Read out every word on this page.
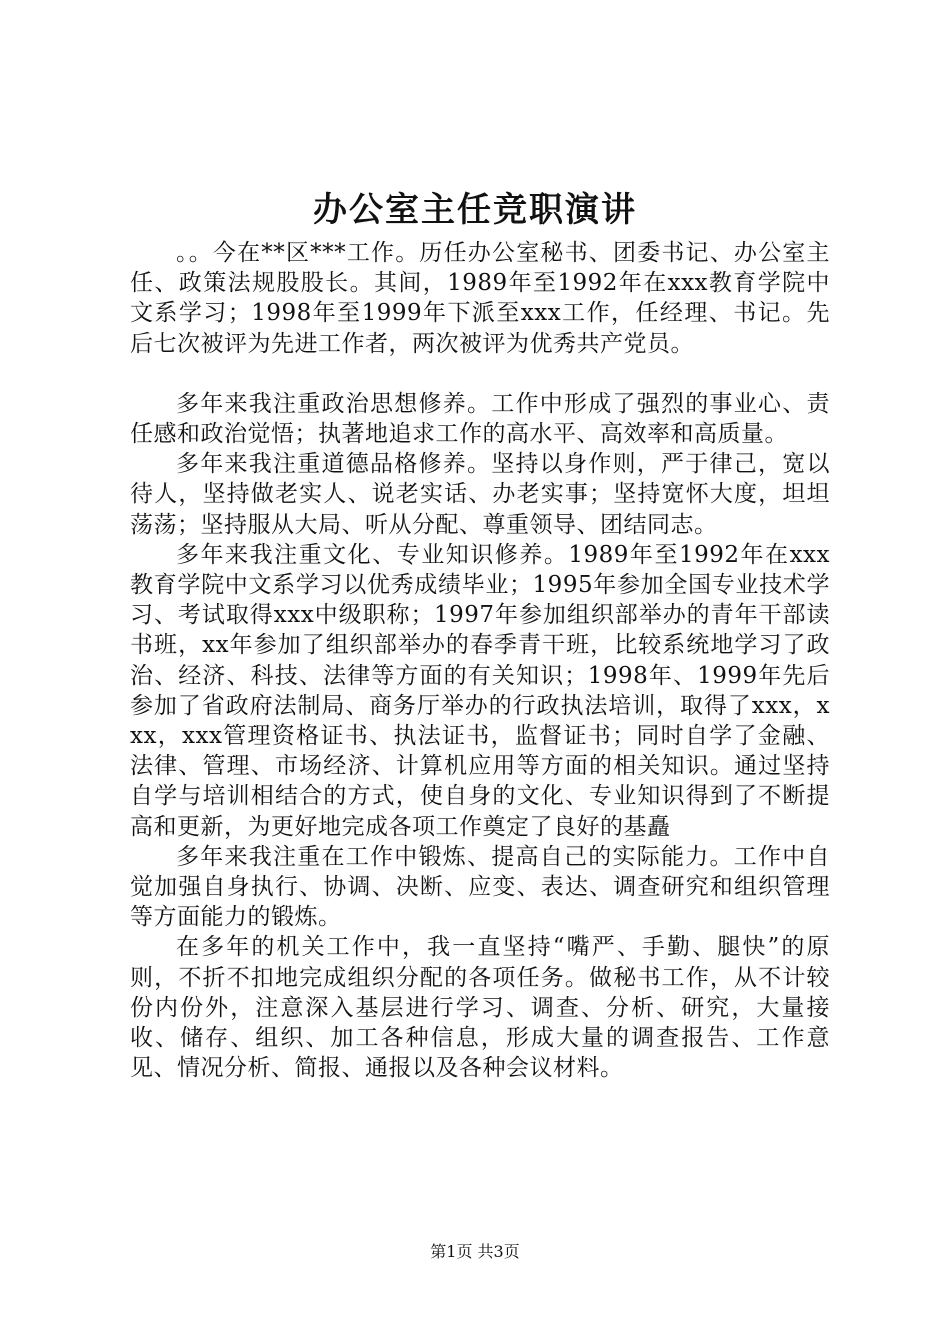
办公室主任竞职演讲

。。今在**区***工作。历任办公室秘书、团委书记、办公室主任、政策法规股股长。其间，1989年至1992年在xxx教育学院中文系学习；1998年至1999年下派至xxx工作，任经理、书记。先后七次被评为先进工作者，两次被评为优秀共产党员。

多年来我注重政治思想修养。工作中形成了强烈的事业心、责任感和政治觉悟；执著地追求工作的高水平、高效率和高质量。

多年来我注重道德品格修养。坚持以身作则，严于律己，宽以待人，坚持做老实人、说老实话、办老实事；坚持宽怀大度，坦坦荡荡；坚持服从大局、听从分配、尊重领导、团结同志。

多年来我注重文化、专业知识修养。1989年至1992年在xxx教育学院中文系学习以优秀成绩毕业；1995年参加全国专业技术学习、考试取得xxx中级职称；1997年参加组织部举办的青年干部读书班，xx年参加了组织部举办的春季青干班，比较系统地学习了政治、经济、科技、法律等方面的有关知识；1998年、1999年先后参加了省政府法制局、商务厅举办的行政执法培训，取得了xxx，xxx，xxx管理资格证书、执法证书，监督证书；同时自学了金融、法律、管理、市场经济、计算机应用等方面的相关知识。通过坚持自学与培训相结合的方式，使自身的文化、专业知识得到了不断提高和更新，为更好地完成各项工作奠定了良好的基矗

多年来我注重在工作中锻炼、提高自己的实际能力。工作中自觉加强自身执行、协调、决断、应变、表达、调查研究和组织管理等方面能力的锻炼。

在多年的机关工作中，我一直坚持“嘴严、手勤、腿快”的原则，不折不扣地完成组织分配的各项任务。做秘书工作，从不计较份内份外，注意深入基层进行学习、调查、分析、研究，大量接收、储存、组织、加工各种信息，形成大量的调查报告、工作意见、情况分析、简报、通报以及各种会议材料。

第1页 共3页
